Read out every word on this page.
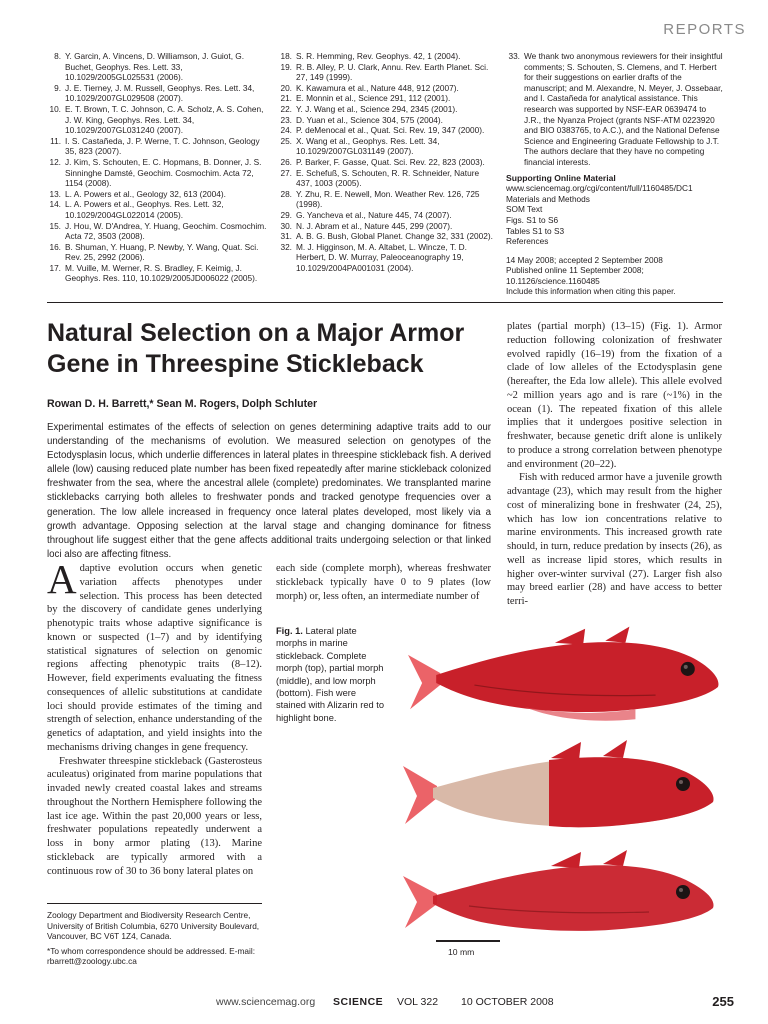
REPORTS
8. Y. Garcin, A. Vincens, D. Williamson, J. Guiot, G. Buchet, Geophys. Res. Lett. 33, 10.1029/2005GL025531 (2006).
9. J. E. Tierney, J. M. Russell, Geophys. Res. Lett. 34, 10.1029/2007GL029508 (2007).
10. E. T. Brown, T. C. Johnson, C. A. Scholz, A. S. Cohen, J. W. King, Geophys. Res. Lett. 34, 10.1029/2007GL031240 (2007).
11. I. S. Castañeda, J. P. Werne, T. C. Johnson, Geology 35, 823 (2007).
12. J. Kim, S. Schouten, E. C. Hopmans, B. Donner, J. S. Sinninghe Damsté, Geochim. Cosmochim. Acta 72, 1154 (2008).
13. L. A. Powers et al., Geology 32, 613 (2004).
14. L. A. Powers et al., Geophys. Res. Lett. 32, 10.1029/2004GL022014 (2005).
15. J. Hou, W. D'Andrea, Y. Huang, Geochim. Cosmochim. Acta 72, 3503 (2008).
16. B. Shuman, Y. Huang, P. Newby, Y. Wang, Quat. Sci. Rev. 25, 2992 (2006).
17. M. Vuille, M. Werner, R. S. Bradley, F. Keimig, J. Geophys. Res. 110, 10.1029/2005JD006022 (2005).
18. S. R. Hemming, Rev. Geophys. 42, 1 (2004).
19. R. B. Alley, P. U. Clark, Annu. Rev. Earth Planet. Sci. 27, 149 (1999).
20. K. Kawamura et al., Nature 448, 912 (2007).
21. E. Monnin et al., Science 291, 112 (2001).
22. Y. J. Wang et al., Science 294, 2345 (2001).
23. D. Yuan et al., Science 304, 575 (2004).
24. P. deMenocal et al., Quat. Sci. Rev. 19, 347 (2000).
25. X. Wang et al., Geophys. Res. Lett. 34, 10.1029/2007GL031149 (2007).
26. P. Barker, F. Gasse, Quat. Sci. Rev. 22, 823 (2003).
27. E. Schefuß, S. Schouten, R. R. Schneider, Nature 437, 1003 (2005).
28. Y. Zhu, R. E. Newell, Mon. Weather Rev. 126, 725 (1998).
29. G. Yancheva et al., Nature 445, 74 (2007).
30. N. J. Abram et al., Nature 445, 299 (2007).
31. A. B. G. Bush, Global Planet. Change 32, 331 (2002).
32. M. J. Higginson, M. A. Altabet, L. Wincze, T. D. Herbert, D. W. Murray, Paleoceanography 19, 10.1029/2004PA001031 (2004).
33. We thank two anonymous reviewers for their insightful comments; S. Schouten, S. Clemens, and T. Herbert for their suggestions on earlier drafts of the manuscript; and M. Alexandre, N. Meyer, J. Ossebaar, and I. Castañeda for analytical assistance. This research was supported by NSF-EAR 0639474 to J.R., the Nyanza Project (grants NSF-ATM 0223920 and BIO 0383765, to A.C.), and the National Defense Science and Engineering Graduate Fellowship to J.T. The authors declare that they have no competing financial interests.
Supporting Online Material
www.sciencemag.org/cgi/content/full/1160485/DC1
Materials and Methods
SOM Text
Figs. S1 to S6
Tables S1 to S3
References
14 May 2008; accepted 2 September 2008
Published online 11 September 2008;
10.1126/science.1160485
Include this information when citing this paper.
Natural Selection on a Major Armor Gene in Threespine Stickleback
Rowan D. H. Barrett,* Sean M. Rogers, Dolph Schluter
Experimental estimates of the effects of selection on genes determining adaptive traits add to our understanding of the mechanisms of evolution. We measured selection on genotypes of the Ectodysplasin locus, which underlie differences in lateral plates in threespine stickleback fish. A derived allele (low) causing reduced plate number has been fixed repeatedly after marine stickleback colonized freshwater from the sea, where the ancestral allele (complete) predominates. We transplanted marine sticklebacks carrying both alleles to freshwater ponds and tracked genotype frequencies over a generation. The low allele increased in frequency once lateral plates developed, most likely via a growth advantage. Opposing selection at the larval stage and changing dominance for fitness throughout life suggest either that the gene affects additional traits undergoing selection or that linked loci also are affecting fitness.

Adaptive evolution occurs when genetic variation affects phenotypes under selection. This process has been detected by the discovery of candidate genes underlying phenotypic traits whose adaptive significance is known or suspected (1–7) and by identifying statistical signatures of selection on genomic regions affecting phenotypic traits (8–12). However, field experiments evaluating the fitness consequences of allelic substitutions at candidate loci should provide estimates of the timing and strength of selection, enhance understanding of the genetics of adaptation, and yield insights into the mechanisms driving changes in gene frequency.

Freshwater threespine stickleback (Gasterosteus aculeatus) originated from marine populations that invaded newly created coastal lakes and streams throughout the Northern Hemisphere following the last ice age. Within the past 20,000 years or less, freshwater populations repeatedly underwent a loss in bony armor plating (13). Marine stickleback are typically armored with a continuous row of 30 to 36 bony lateral plates on

each side (complete morph), whereas freshwater stickleback typically have 0 to 9 plates (low morph) or, less often, an intermediate number of

plates (partial morph) (13–15) (Fig. 1). Armor reduction following colonization of freshwater evolved rapidly (16–19) from the fixation of a clade of low alleles of the Ectodysplasin gene (hereafter, the Eda low allele). This allele evolved ~2 million years ago and is rare (~1%) in the ocean (1). The repeated fixation of this allele implies that it undergoes positive selection in freshwater, because genetic drift alone is unlikely to produce a strong correlation between phenotype and environment (20–22).

Fish with reduced armor have a juvenile growth advantage (23), which may result from the higher cost of mineralizing bone in freshwater (24, 25), which has low ion concentrations relative to marine environments. This increased growth rate should, in turn, reduce predation by insects (26), as well as increase lipid stores, which results in higher over-winter survival (27). Larger fish also may breed earlier (28) and have access to better terri-

Fig. 1. Lateral plate morphs in marine stickleback. Complete morph (top), partial morph (middle), and low morph (bottom). Fish were stained with Alizarin red to highlight bone.
10 mm

Zoology Department and Biodiversity Research Centre, University of British Columbia, 6270 University Boulevard, Vancouver, BC V6T 1Z4, Canada.

*To whom correspondence should be addressed. E-mail: rbarrett@zoology.ubc.ca

www.sciencemag.org SCIENCE VOL 322 10 OCTOBER 2008	255
